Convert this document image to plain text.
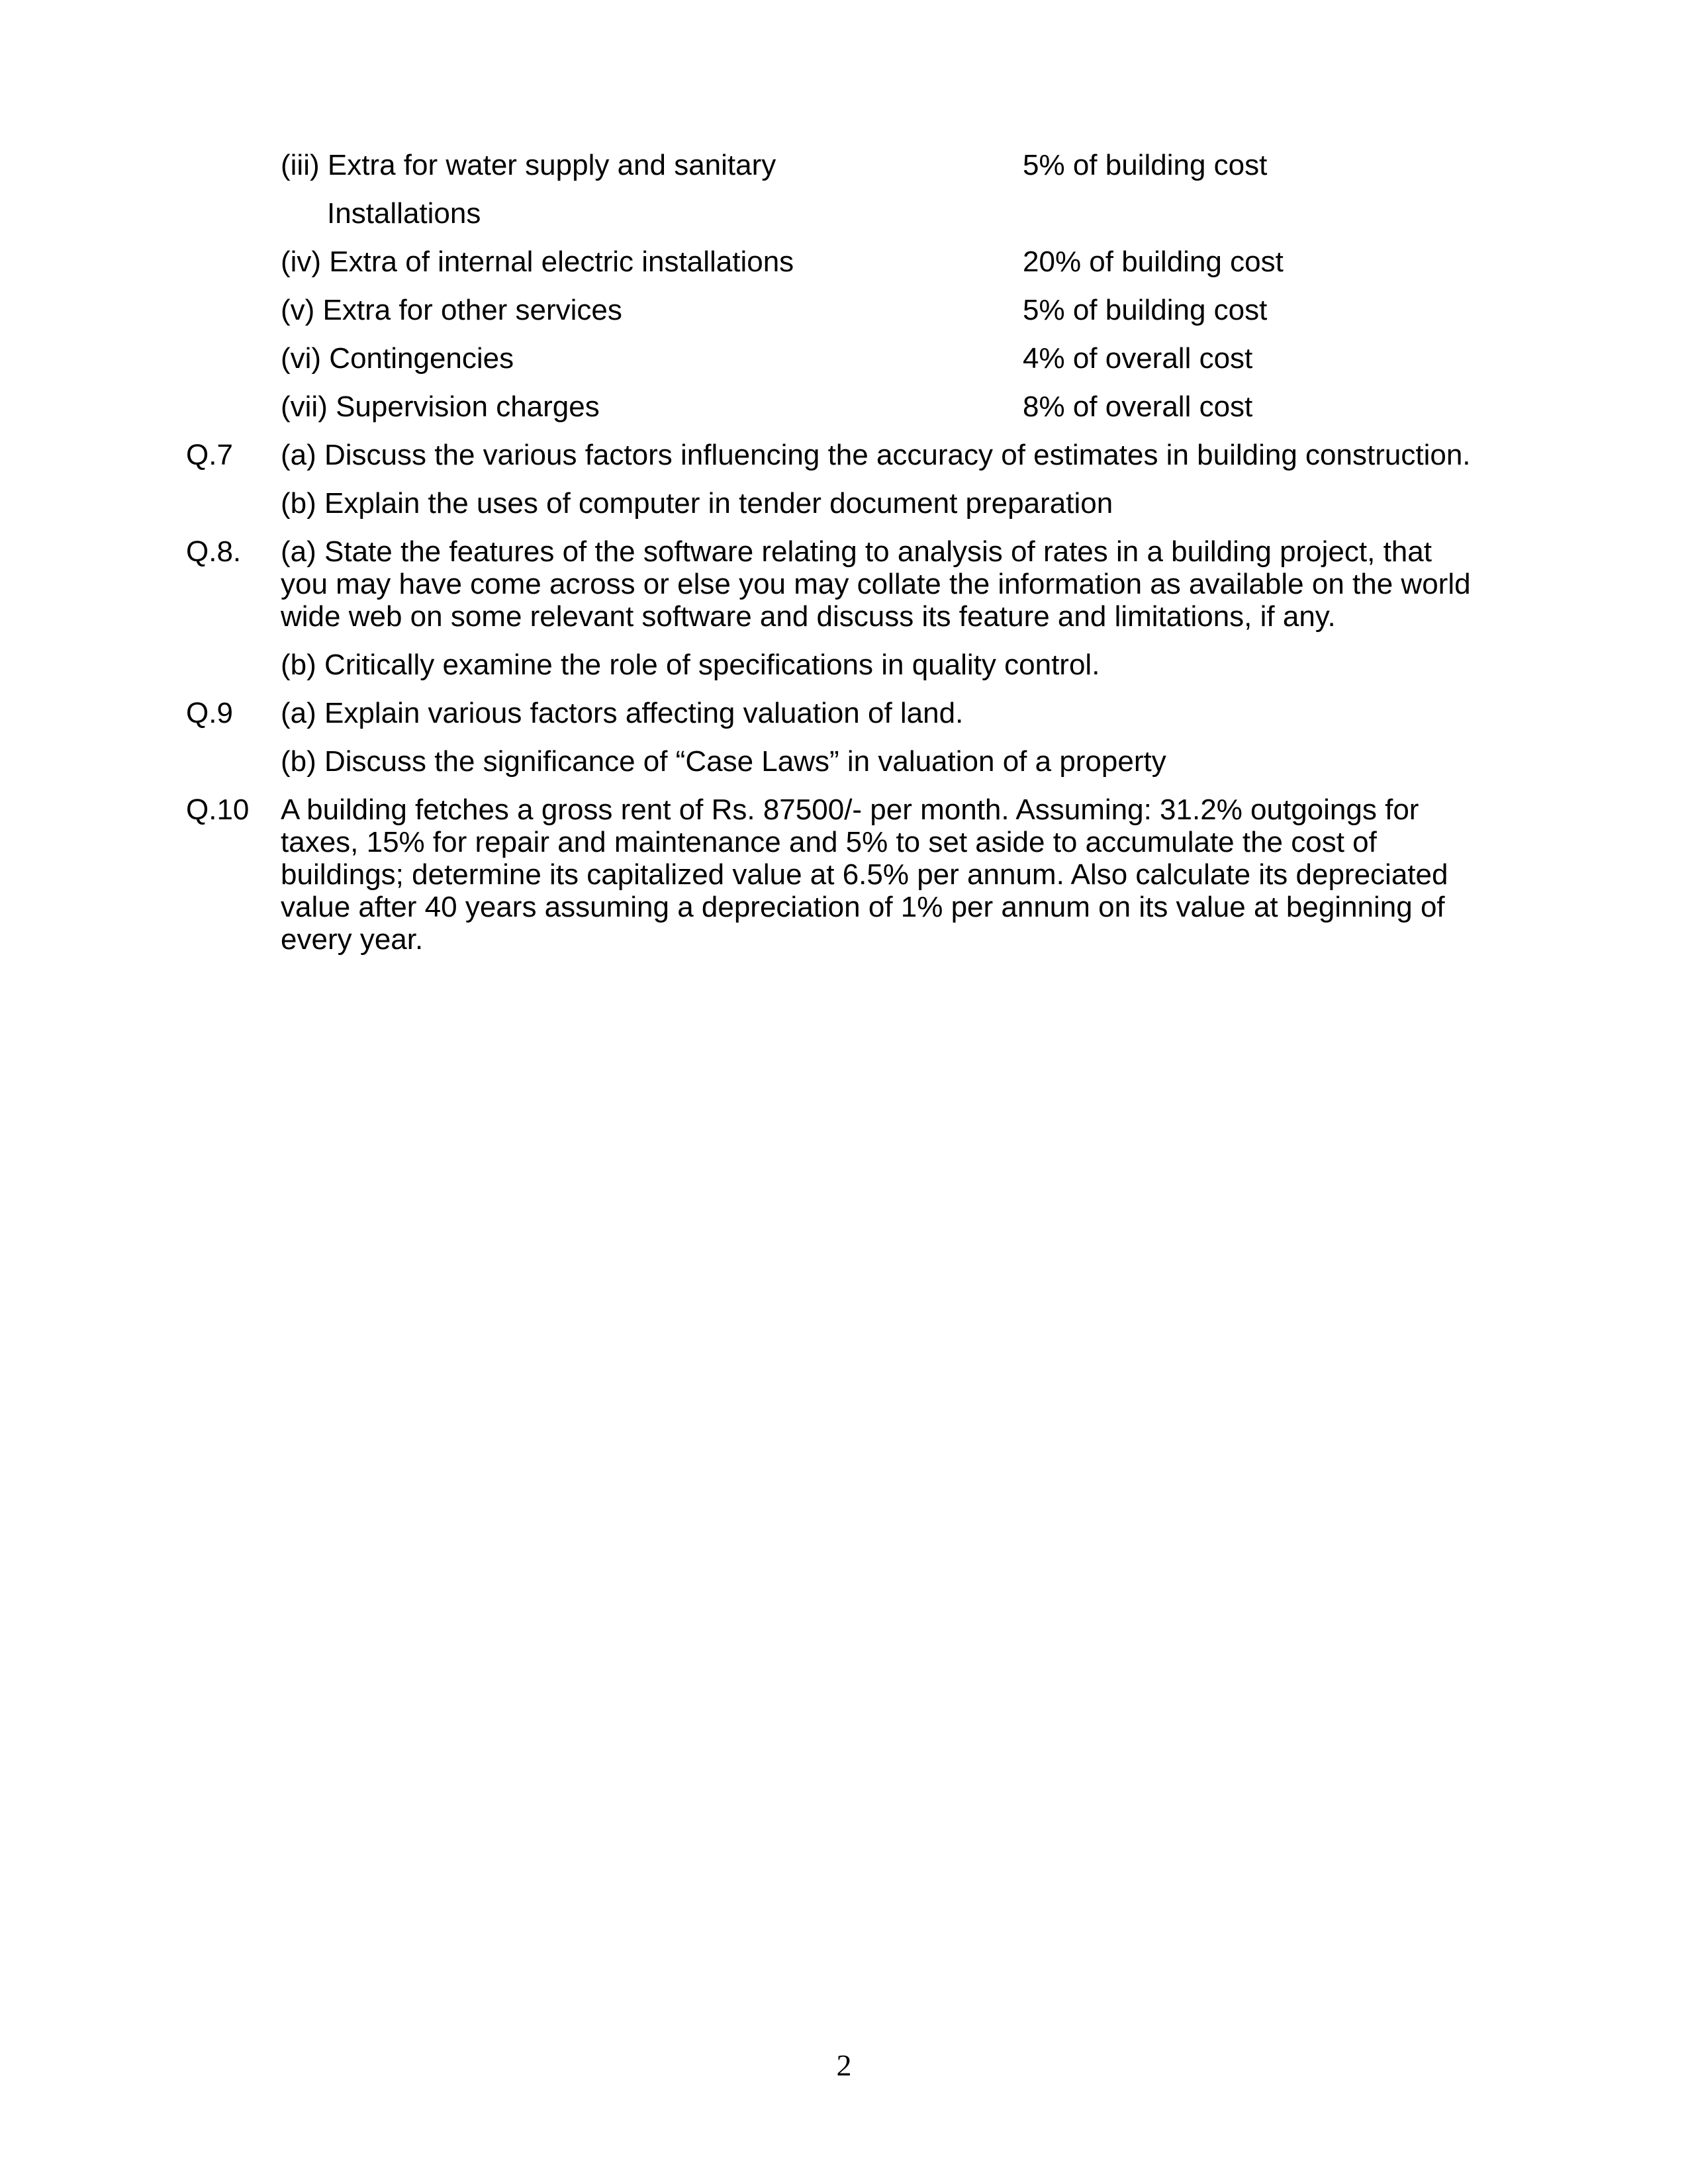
(iii) Extra for water supply and sanitary	5% of building cost
Installations
(iv) Extra of internal electric installations	20% of building cost
(v) Extra for other services	5% of building cost
(vi) Contingencies	4% of overall cost
(vii) Supervision charges	8% of overall cost
Q.7 (a) Discuss the various factors influencing the accuracy of estimates in building construction.
(b) Explain the uses of computer in tender document preparation
Q.8. (a) State the features of the software relating to analysis of rates in a building project, that
you may have come across or else you may collate the information as available on the world
wide web on some relevant software and discuss its feature and limitations, if any.
(b) Critically examine the role of specifications in quality control.
Q.9 (a) Explain various factors affecting valuation of land.
(b) Discuss the significance of “Case Laws” in valuation of a property
Q.10 A building fetches a gross rent of Rs. 87500/- per month. Assuming: 31.2% outgoings for
taxes, 15% for repair and maintenance and 5% to set aside to accumulate the cost of
buildings; determine its capitalized value at 6.5% per annum. Also calculate its depreciated
value after 40 years assuming a depreciation of 1% per annum on its value at beginning of
every year.
2
